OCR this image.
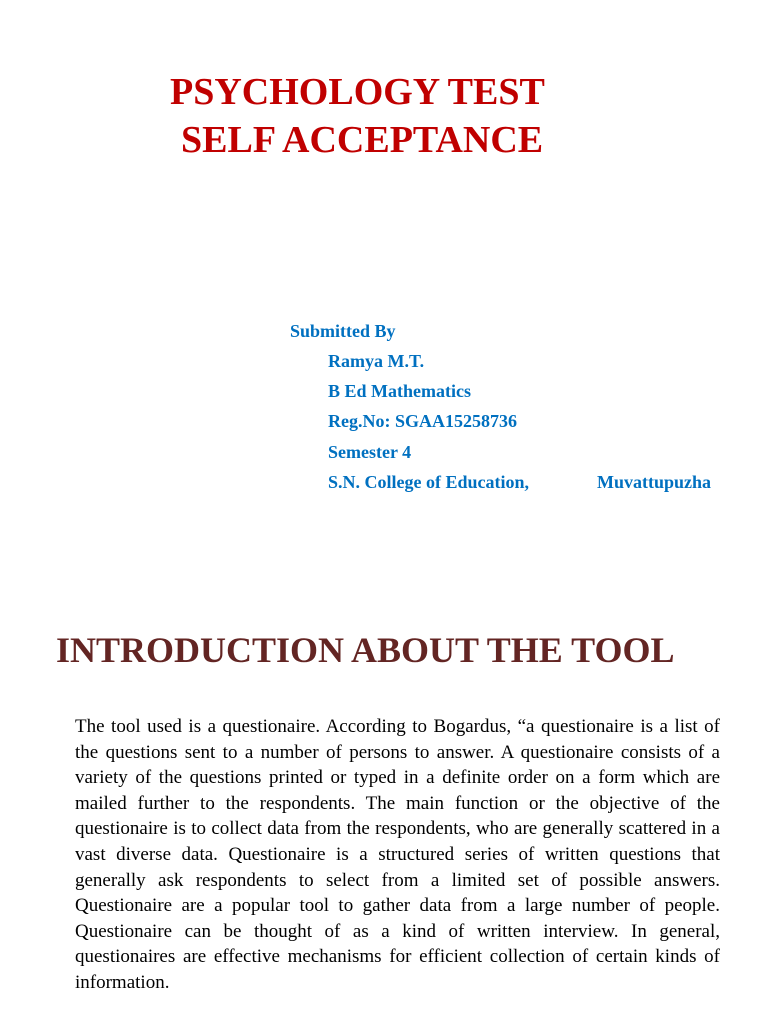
PSYCHOLOGY TEST
SELF ACCEPTANCE

Submitted By

Ramya M.T.

B Ed Mathematics

Reg.No: SGAA15258736

Semester 4

S.N. College of Education,	Muvattupuzha

INTRODUCTION ABOUT THE TOOL

The tool used is a questionaire. According to Bogardus, “a questionaire is a list of the questions sent to a number of persons to answer. A questionaire consists of a variety of the questions printed or typed in a definite order on a form which are mailed further to the respondents. The main function or the objective of the questionaire is to collect data from the respondents, who are generally scattered in a vast diverse data. Questionaire is a structured series of written questions that generally ask respondents to select from a limited set of possible answers. Questionaire are a popular tool to gather data from a large number of people. Questionaire can be thought of as a kind of written interview. In general, questionaires are effective mechanisms for efficient collection of certain kinds of information.
